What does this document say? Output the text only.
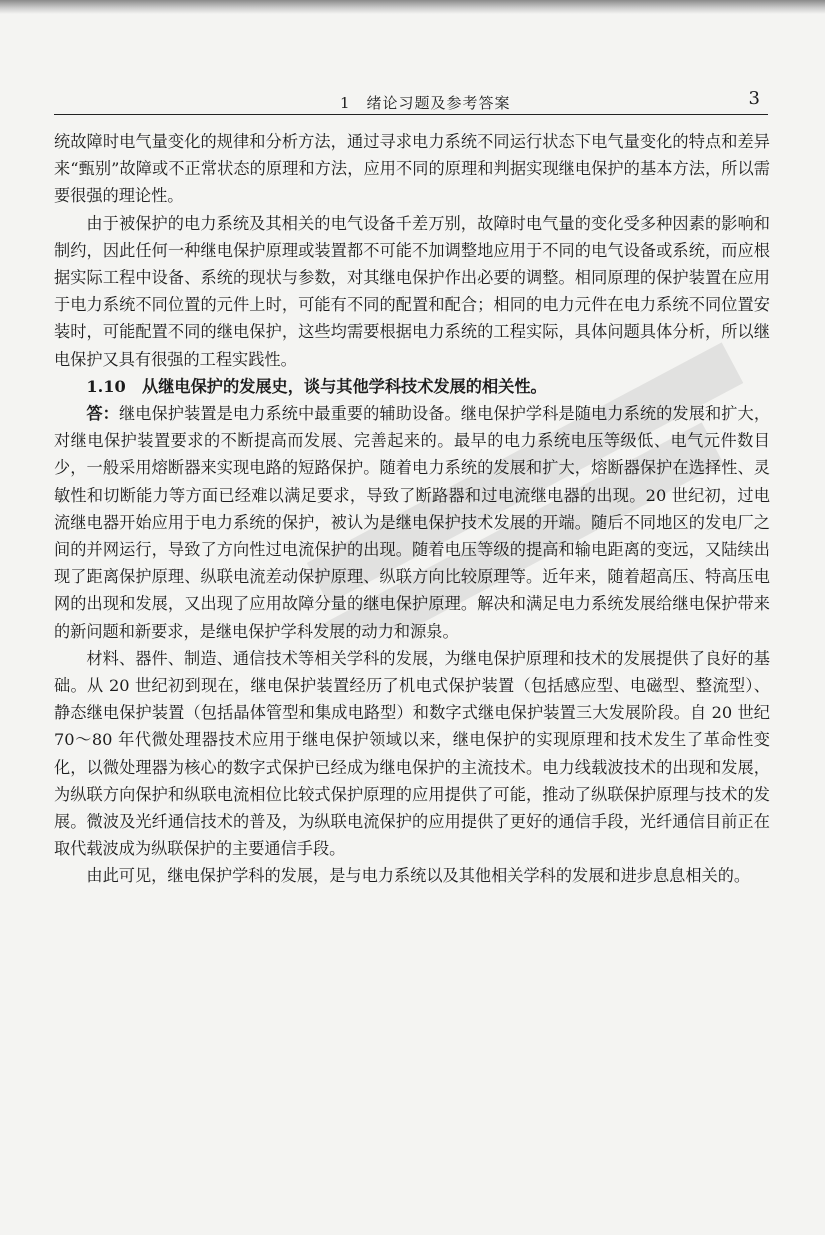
1　绪论习题及参考答案	3

统故障时电气量变化的规律和分析方法，通过寻求电力系统不同运行状态下电气量变化的特点和差异来“甄别”故障或不正常状态的原理和方法，应用不同的原理和判据实现继电保护的基本方法，所以需要很强的理论性。

由于被保护的电力系统及其相关的电气设备千差万别，故障时电气量的变化受多种因素的影响和制约，因此任何一种继电保护原理或装置都不可能不加调整地应用于不同的电气设备或系统，而应根据实际工程中设备、系统的现状与参数，对其继电保护作出必要的调整。相同原理的保护装置在应用于电力系统不同位置的元件上时，可能有不同的配置和配合；相同的电力元件在电力系统不同位置安装时，可能配置不同的继电保护，这些均需要根据电力系统的工程实际，具体问题具体分析，所以继电保护又具有很强的工程实践性。

1.10　从继电保护的发展史，谈与其他学科技术发展的相关性。

答：继电保护装置是电力系统中最重要的辅助设备。继电保护学科是随电力系统的发展和扩大，对继电保护装置要求的不断提高而发展、完善起来的。最早的电力系统电压等级低、电气元件数目少，一般采用熔断器来实现电路的短路保护。随着电力系统的发展和扩大，熔断器保护在选择性、灵敏性和切断能力等方面已经难以满足要求，导致了断路器和过电流继电器的出现。20 世纪初，过电流继电器开始应用于电力系统的保护，被认为是继电保护技术发展的开端。随后不同地区的发电厂之间的并网运行，导致了方向性过电流保护的出现。随着电压等级的提高和输电距离的变远，又陆续出现了距离保护原理、纵联电流差动保护原理、纵联方向比较原理等。近年来，随着超高压、特高压电网的出现和发展，又出现了应用故障分量的继电保护原理。解决和满足电力系统发展给继电保护带来的新问题和新要求，是继电保护学科发展的动力和源泉。

材料、器件、制造、通信技术等相关学科的发展，为继电保护原理和技术的发展提供了良好的基础。从 20 世纪初到现在，继电保护装置经历了机电式保护装置（包括感应型、电磁型、整流型）、静态继电保护装置（包括晶体管型和集成电路型）和数字式继电保护装置三大发展阶段。自 20 世纪 70～80 年代微处理器技术应用于继电保护领域以来，继电保护的实现原理和技术发生了革命性变化，以微处理器为核心的数字式保护已经成为继电保护的主流技术。电力线载波技术的出现和发展，为纵联方向保护和纵联电流相位比较式保护原理的应用提供了可能，推动了纵联保护原理与技术的发展。微波及光纤通信技术的普及，为纵联电流保护的应用提供了更好的通信手段，光纤通信目前正在取代载波成为纵联保护的主要通信手段。

由此可见，继电保护学科的发展，是与电力系统以及其他相关学科的发展和进步息息相关的。
